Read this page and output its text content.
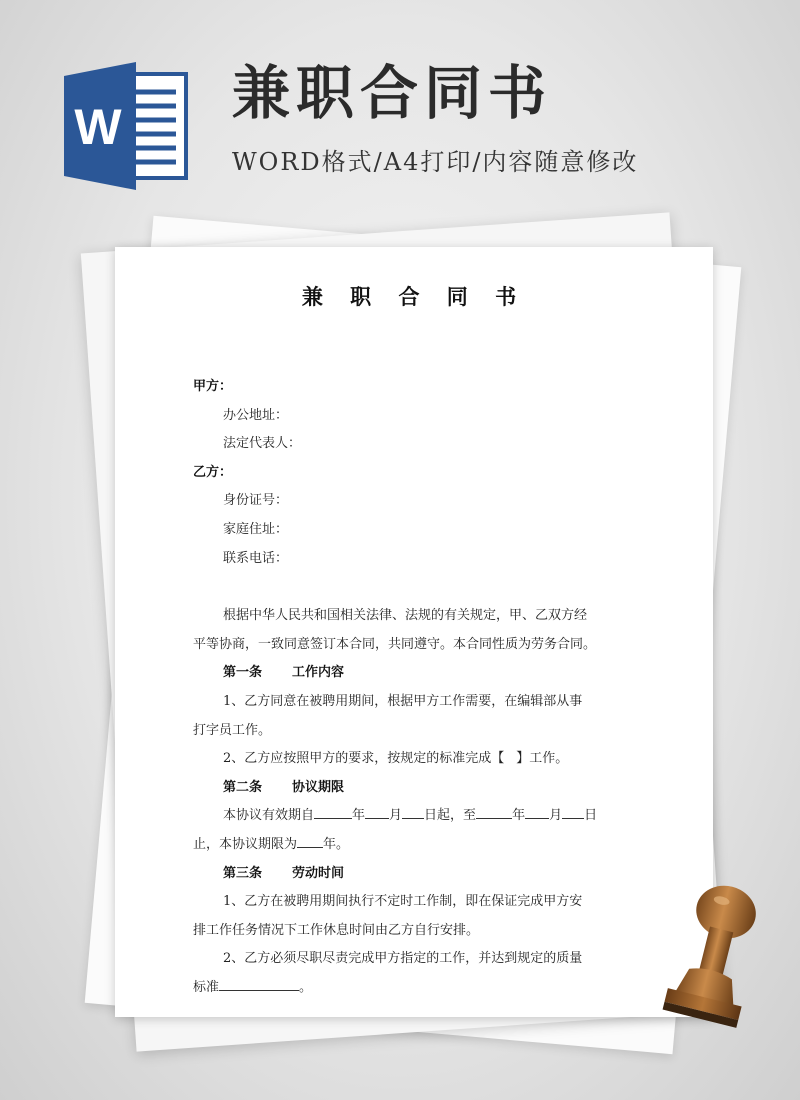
W 兼职合同书
WORD格式/A4打印/内容随意修改
兼 职 合 同 书
甲方：
办公地址：
法定代表人：
乙方：
身份证号：
家庭住址：
联系电话：
根据中华人民共和国相关法律、法规的有关规定，甲、乙双方经
平等协商，一致同意签订本合同，共同遵守。本合同性质为劳务合同。
第一条 工作内容
1、乙方同意在被聘用期间，根据甲方工作需要，在编辑部从事
打字员工作。
2、乙方应按照甲方的要求，按规定的标准完成【 】工作。
第二条 协议期限
本协议有效期自	年 月 日起，至	年 月 日
止，本协议期限为 年。
第三条 劳动时间
1、乙方在被聘用期间执行不定时工作制，即在保证完成甲方安
排工作任务情况下工作休息时间由乙方自行安排。
2、乙方必须尽职尽责完成甲方指定的工作，并达到规定的质量
标准	。
